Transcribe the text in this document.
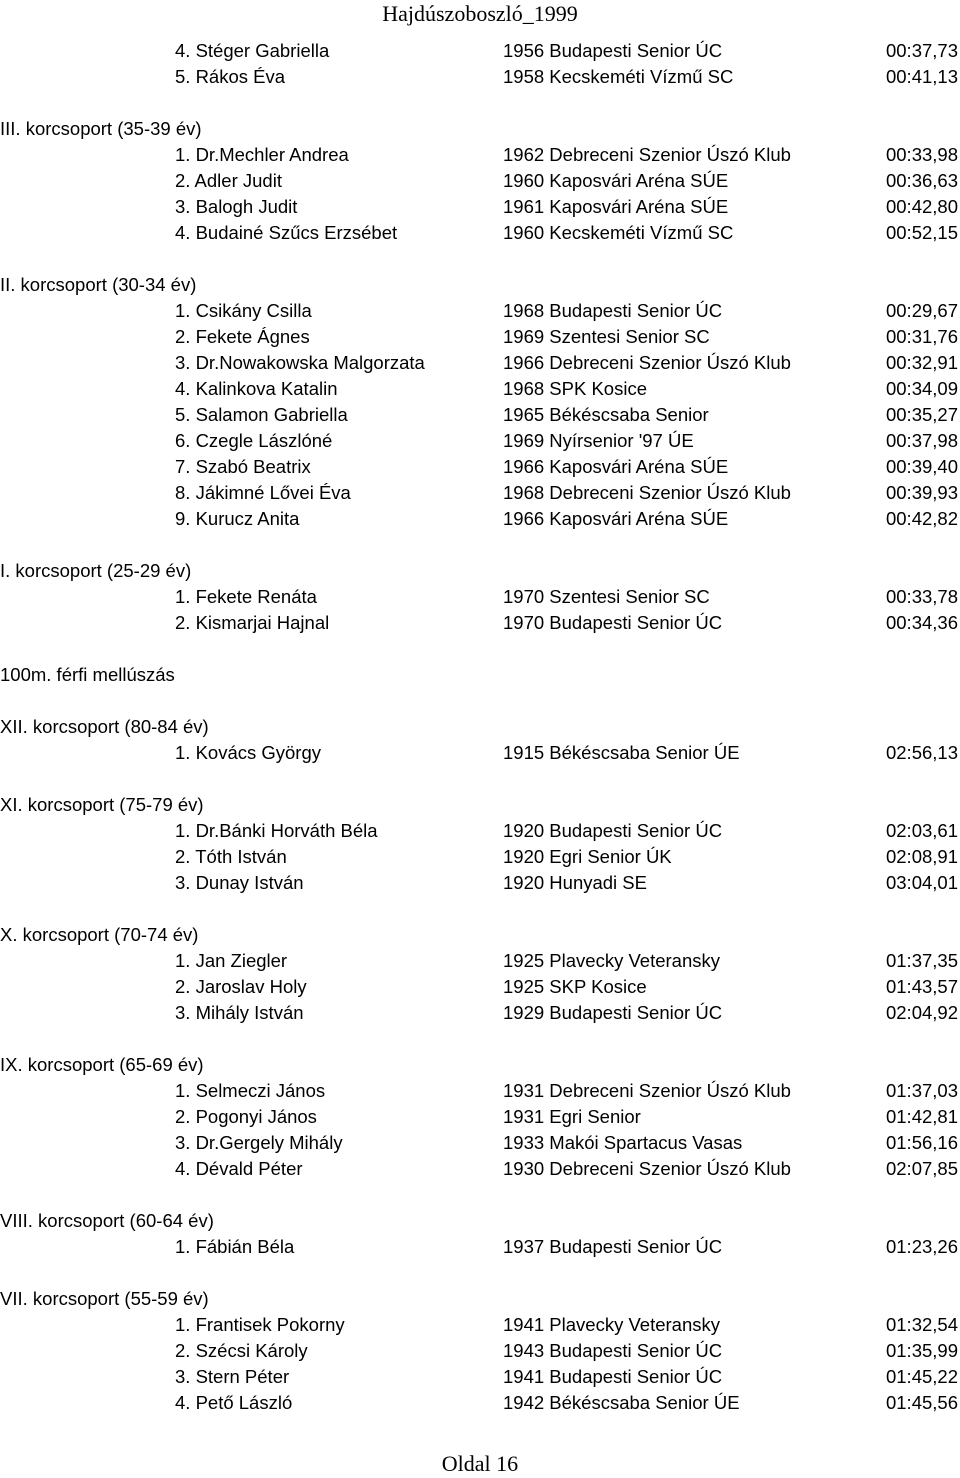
Hajdúszoboszló_1999
4. Stéger Gabriella	1956 Budapesti Senior ÚC	00:37,73
5. Rákos Éva	1958 Kecskeméti Vízmű SC	00:41,13
III. korcsoport (35-39 év)
1. Dr.Mechler Andrea	1962 Debreceni Szenior Úszó Klub	00:33,98
2. Adler Judit	1960 Kaposvári Aréna SÚE	00:36,63
3. Balogh Judit	1961 Kaposvári Aréna SÚE	00:42,80
4. Budainé Szűcs Erzsébet	1960 Kecskeméti Vízmű SC	00:52,15
II. korcsoport (30-34 év)
1. Csikány Csilla	1968 Budapesti Senior ÚC	00:29,67
2. Fekete Ágnes	1969 Szentesi Senior SC	00:31,76
3. Dr.Nowakowska Malgorzata	1966 Debreceni Szenior Úszó Klub	00:32,91
4. Kalinkova Katalin	1968 SPK Kosice	00:34,09
5. Salamon Gabriella	1965 Békéscsaba Senior	00:35,27
6. Czegle Lászlóné	1969 Nyírsenior '97 ÚE	00:37,98
7. Szabó Beatrix	1966 Kaposvári Aréna SÚE	00:39,40
8. Jákimné Lővei Éva	1968 Debreceni Szenior Úszó Klub	00:39,93
9. Kurucz Anita	1966 Kaposvári Aréna SÚE	00:42,82
I. korcsoport (25-29 év)
1. Fekete Renáta	1970 Szentesi Senior SC	00:33,78
2. Kismarjai Hajnal	1970 Budapesti Senior ÚC	00:34,36
100m. férfi mellúszás
XII. korcsoport (80-84 év)
1. Kovács György	1915 Békéscsaba Senior ÚE	02:56,13
XI. korcsoport (75-79 év)
1. Dr.Bánki Horváth Béla	1920 Budapesti Senior ÚC	02:03,61
2. Tóth István	1920 Egri Senior ÚK	02:08,91
3. Dunay István	1920 Hunyadi SE	03:04,01
X. korcsoport (70-74 év)
1. Jan Ziegler	1925 Plavecky Veteransky	01:37,35
2. Jaroslav Holy	1925 SKP Kosice	01:43,57
3. Mihály István	1929 Budapesti Senior ÚC	02:04,92
IX. korcsoport (65-69 év)
1. Selmeczi János	1931 Debreceni Szenior Úszó Klub	01:37,03
2. Pogonyi János	1931 Egri Senior	01:42,81
3. Dr.Gergely Mihály	1933 Makói Spartacus Vasas	01:56,16
4. Dévald Péter	1930 Debreceni Szenior Úszó Klub	02:07,85
VIII. korcsoport (60-64 év)
1. Fábián Béla	1937 Budapesti Senior ÚC	01:23,26
VII. korcsoport (55-59 év)
1. Frantisek Pokorny	1941 Plavecky Veteransky	01:32,54
2. Szécsi Károly	1943 Budapesti Senior ÚC	01:35,99
3. Stern Péter	1941 Budapesti Senior ÚC	01:45,22
4. Pető László	1942 Békéscsaba Senior ÚE	01:45,56
Oldal 16
